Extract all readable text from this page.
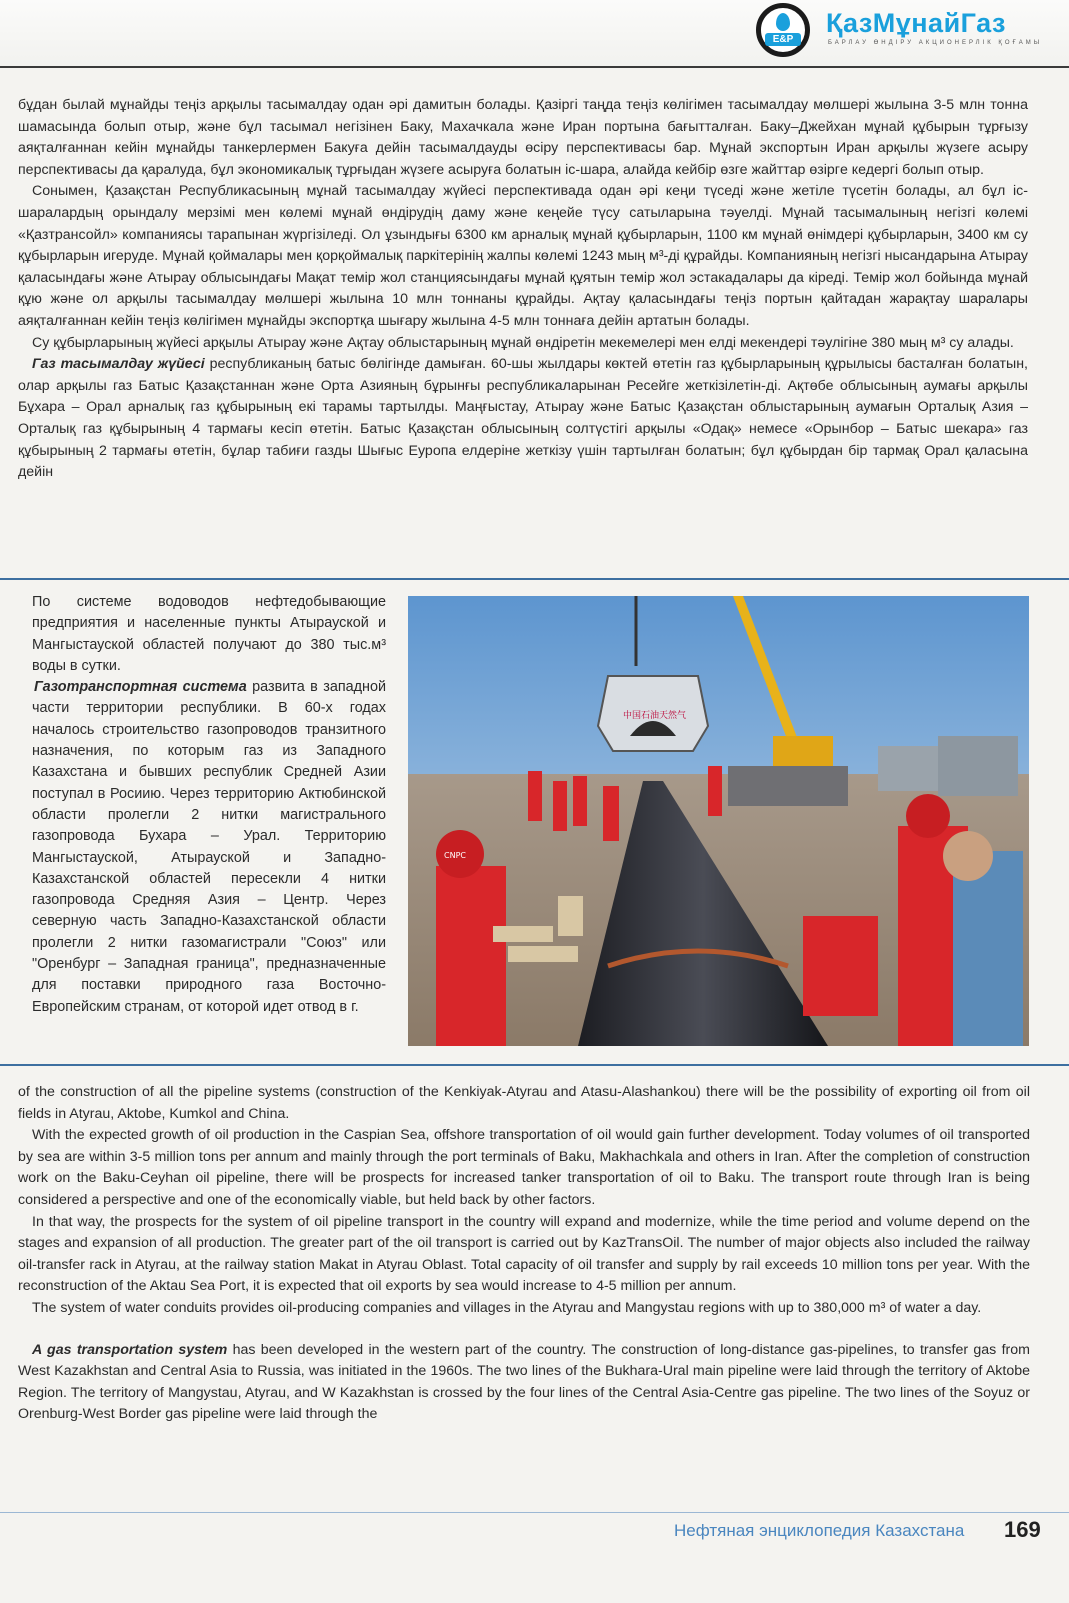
E&P
ҚазМұнайГаз
БАРЛАУ ӨНДІРУ АКЦИОНЕРЛІК ҚОҒАМЫ

бұдан былай мұнайды теңіз арқылы тасымалдау одан әрі дамитын болады. Қазіргі таңда теңіз көлігімен тасымалдау мөлшері жылына 3-5 млн тонна шамасында болып отыр, және бұл тасымал негізінен Баку, Махачкала және Иран портына бағытталған. Баку–Джейхан мұнай құбырын тұрғызу аяқталғаннан кейін мұнайды танкерлермен Бакуға дейін тасымалдауды өсіру перспективасы бар. Мұнай экспортын Иран арқылы жүзеге асыру перспективасы да қаралуда, бұл экономикалық тұрғыдан жүзеге асыруға болатын іс-шара, алайда кейбір өзге жайттар өзіргe кедергі болып отыр.

Сонымен, Қазақстан Республикасының мұнай тасымалдау жүйесі перспективада одан әрі кеңи түседі және жетіле түсетін болады, ал бұл іс-шаралардың орындалу мерзімі мен көлемі мұнай өндірудің даму және кеңейе түсу сатыларына тәуелді. Мұнай тасымалының негізгі көлемі «Қазтрансойл» компаниясы тарапынан жүргізіледі. Ол ұзындығы 6300 км арналық мұнай құбырларын, 1100 км мұнай өнімдері құбырларын, 3400 км су құбырларын игеруде. Мұнай қоймалары мен қорқоймалық паркітерінің жалпы көлемі 1243 мың м³-ді құрайды. Компанияның негізгі нысандарына Атырау қаласындағы және Атырау облысындағы Мақат темір жол станциясындағы мұнай құятын темір жол эстакадалары да кіреді. Темір жол бойында мұнай құю және ол арқылы тасымалдау мөлшері жылына 10 млн тоннаны құрайды. Ақтау қаласындағы теңіз портын қайтадан жарақтау шаралары аяқталғаннан кейін теңіз көлігімен мұнайды экспортқа шығару жылына 4-5 млн тоннаға дейін артатын болады.

Су құбырларының жүйесі арқылы Атырау және Ақтау облыстарының мұнай өндіретін мекемелері мен елді мекендері тәулігіне 380 мың м³ су алады.

Газ тасымалдау жүйесі республиканың батыс бөлігінде дамыған. 60-шы жылдары көктей өтетін газ құбырларының құрылысы басталған болатын, олар арқылы газ Батыс Қазақстаннан және Орта Азияның бұрынғы республикаларынан Ресейге жеткізілетін-ді. Ақтөбе облысының аумағы арқылы Бұхара – Орал арналық газ құбырының екі тарамы тартылды. Маңғыстау, Атырау және Батыс Қазақстан облыстарының аумағын Орталық Азия – Орталық газ құбырының 4 тармағы кесіп өтетін. Батыс Қазақстан облысының солтүстігі арқылы «Одақ» немесе «Орынбор – Батыс шекара» газ құбырының 2 тармағы өтетін, бұлар табиғи газды Шығыс Еуропа елдеріне жеткізу үшін тартылған болатын; бұл құбырдан бір тармақ Орал қаласына дейін

По системе водоводов нефтедобывающие предприятия и населенные пункты Атырауской и Мангыстауской областей получают до 380 тыс.м³ воды в сутки.

Газотранспортная система развита в западной части территории республики. В 60-х годах началось строительство газопроводов транзитного назначения, по которым газ из Западного Казахстана и бывших республик Средней Азии поступал в Росиию. Через территорию Актюбинской области пролегли 2 нитки магистрального газопровода Бухара – Урал. Территорию Мангыстауской, Атырауской и Западно-Казахстанской областей пересекли 4 нитки газопровода Средняя Азия – Центр. Через северную часть Западно-Казахстанской области пролегли 2 нитки газомагистрали "Союз" или "Оренбург – Западная граница", предназначенные для поставки природного газа Восточно-Европейским странам, от которой идет отвод в г.

中国石油天然气
CNPC

of the construction of all the pipeline systems (construction of the Kenkiyak-Atyrau and Atasu-Alashankou) there will be the possibility of exporting oil from oil fields in Atyrau, Aktobe, Kumkol and China.

With the expected growth of oil production in the Caspian Sea, offshore transportation of oil would gain further development. Today volumes of oil transported by sea are within 3-5 million tons per annum and mainly through the port terminals of Baku, Makhachkala and others in Iran. After the completion of construction work on the Baku-Ceyhan oil pipeline, there will be prospects for increased tanker transportation of oil to Baku. The transport route through Iran is being considered a perspective and one of the economically viable, but held back by other factors.

In that way, the prospects for the system of oil pipeline transport in the country will expand and modernize, while the time period and volume depend on the stages and expansion of all production. The greater part of the oil transport is carried out by KazTransOil. The number of major objects also included the railway oil-transfer rack in Atyrau, at the railway station Makat in Atyrau Oblast. Total capacity of oil transfer and supply by rail exceeds 10 million tons per year. With the reconstruction of the Aktau Sea Port, it is expected that oil exports by sea would increase to 4-5 million per annum.

The system of water conduits provides oil-producing companies and villages in the Atyrau and Mangystau regions with up to 380,000 m³ of water a day.

A gas transportation system has been developed in the western part of the country. The construction of long-distance gas-pipelines, to transfer gas from West Kazakhstan and Central Asia to Russia, was initiated in the 1960s. The two lines of the Bukhara-Ural main pipeline were laid through the territory of Aktobe Region. The territory of Mangystau, Atyrau, and W Kazakhstan is crossed by the four lines of the Central Asia-Centre gas pipeline. The two lines of the Soyuz or Orenburg-West Border gas pipeline were laid through the

Нефтяная энциклопедия Казахстана 169
